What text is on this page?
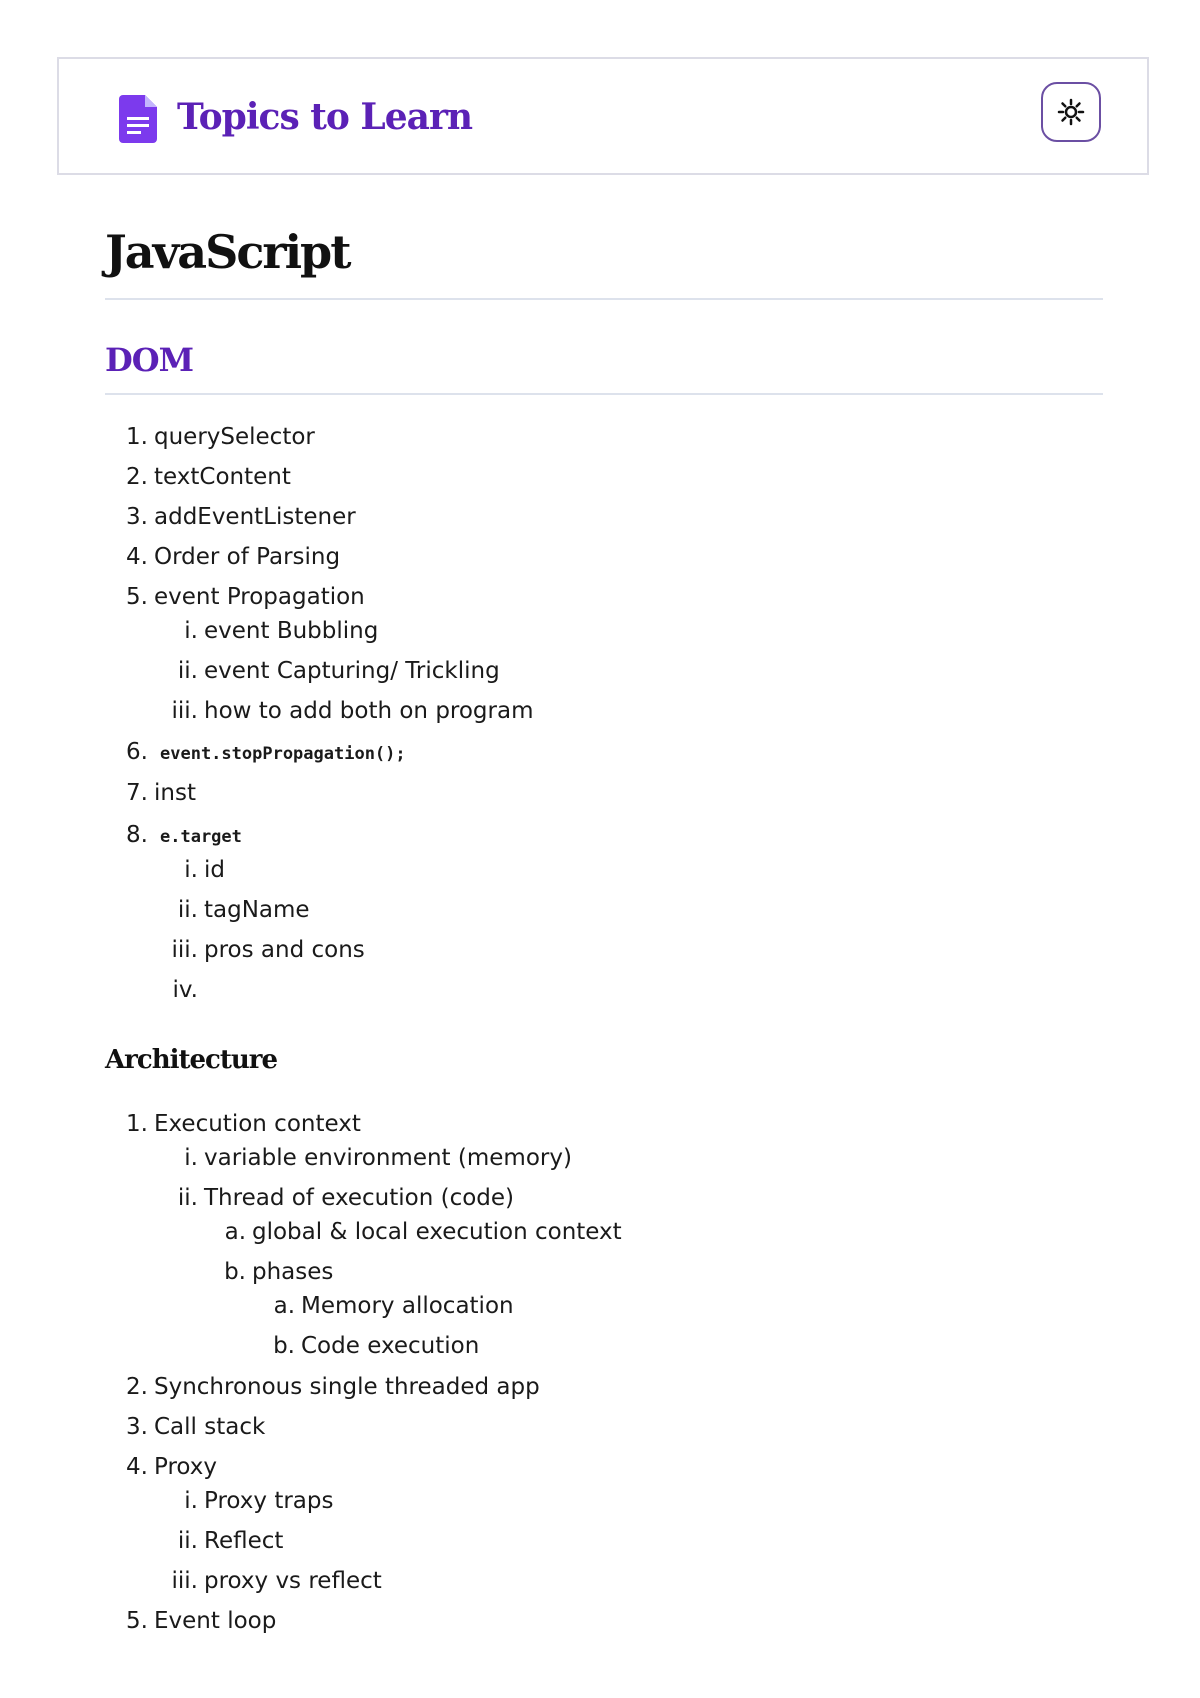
Topics to Learn
JavaScript
DOM
1. querySelector
2. textContent
3. addEventListener
4. Order of Parsing
5. event Propagation
i. event Bubbling
ii. event Capturing/ Trickling
iii. how to add both on program
6. event.stopPropagation();
7. inst
8. e.target
i. id
ii. tagName
iii. pros and cons
iv.
Architecture
1. Execution context
i. variable environment (memory)
ii. Thread of execution (code)
a. global & local execution context
b. phases
a. Memory allocation
b. Code execution
2. Synchronous single threaded app
3. Call stack
4. Proxy
i. Proxy traps
ii. Reflect
iii. proxy vs reflect
5. Event loop
